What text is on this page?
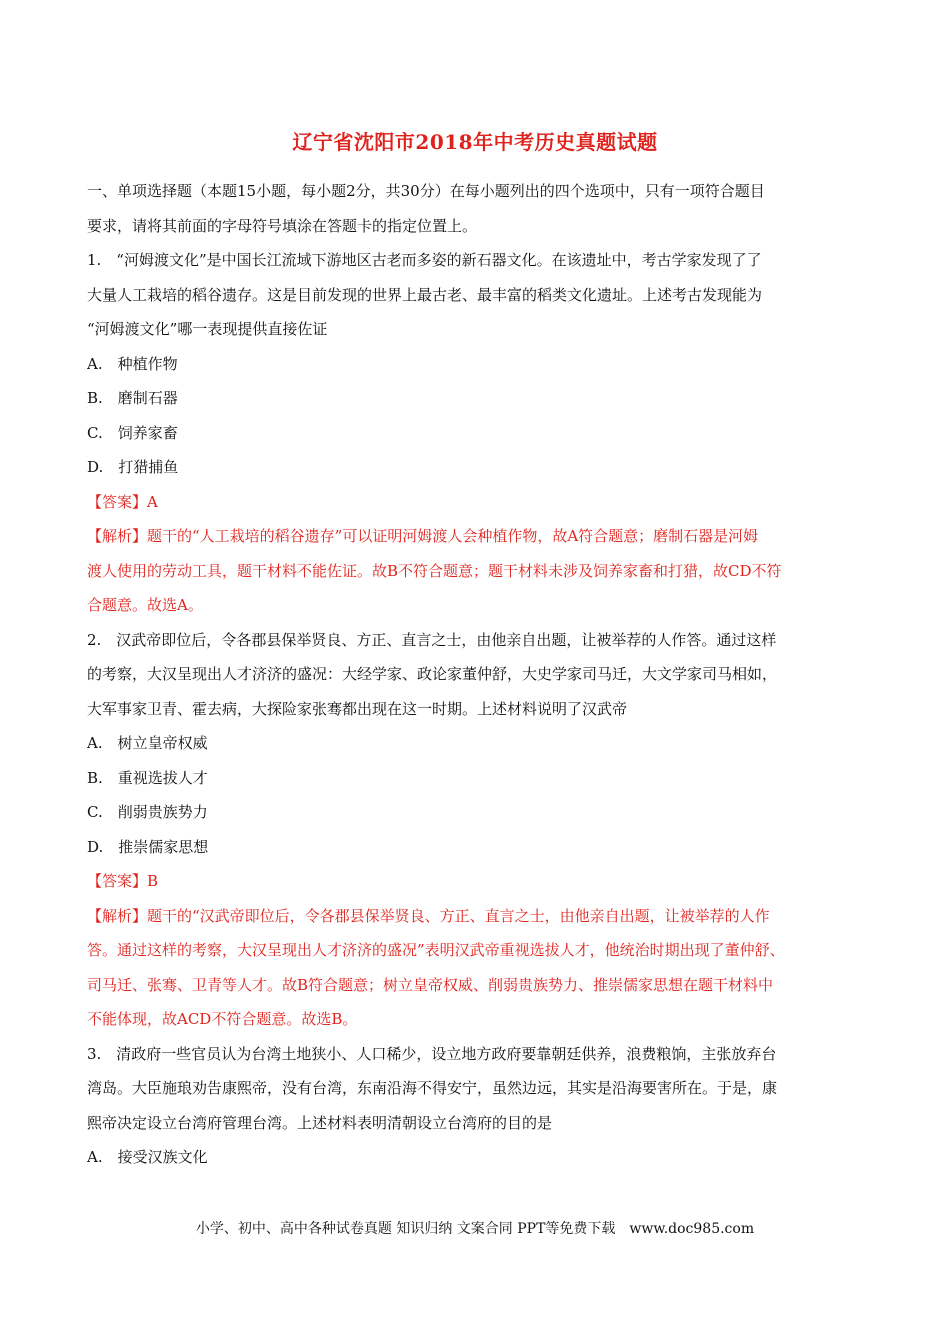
辽宁省沈阳市2018年中考历史真题试题
一、单项选择题（本题15小题，每小题2分，共30分）在每小题列出的四个选项中，只有一项符合题目
要求，请将其前面的字母符号填涂在答题卡的指定位置上。
1.　“河姆渡文化”是中国长江流域下游地区古老而多姿的新石器文化。在该遗址中，考古学家发现了了
大量人工栽培的稻谷遗存。这是目前发现的世界上最古老、最丰富的稻类文化遗址。上述考古发现能为
“河姆渡文化”哪一表现提供直接佐证
A.　种植作物
B.　磨制石器
C.　饲养家畜
D.　打猎捕鱼
【答案】A
【解析】题干的“人工栽培的稻谷遗存”可以证明河姆渡人会种植作物，故A符合题意；磨制石器是河姆
渡人使用的劳动工具，题干材料不能佐证。故B不符合题意；题干材料未涉及饲养家畜和打猎，故CD不符
合题意。故选A。
2.　汉武帝即位后，令各郡县保举贤良、方正、直言之士，由他亲自出题，让被举荐的人作答。通过这样
的考察，大汉呈现出人才济济的盛况：大经学家、政论家董仲舒，大史学家司马迁，大文学家司马相如，
大军事家卫青、霍去病，大探险家张骞都出现在这一时期。上述材料说明了汉武帝
A.　树立皇帝权威
B.　重视选拔人才
C.　削弱贵族势力
D.　推崇儒家思想
【答案】B
【解析】题干的“汉武帝即位后，令各郡县保举贤良、方正、直言之士，由他亲自出题，让被举荐的人作
答。通过这样的考察，大汉呈现出人才济济的盛况”表明汉武帝重视选拔人才，他统治时期出现了董仲舒、
司马迁、张骞、卫青等人才。故B符合题意；树立皇帝权威、削弱贵族势力、推崇儒家思想在题干材料中
不能体现，故ACD不符合题意。故选B。
3.　清政府一些官员认为台湾土地狭小、人口稀少，设立地方政府要靠朝廷供养，浪费粮饷，主张放弃台
湾岛。大臣施琅劝告康熙帝，没有台湾，东南沿海不得安宁，虽然边远，其实是沿海要害所在。于是，康
熙帝决定设立台湾府管理台湾。上述材料表明清朝设立台湾府的目的是
A.　接受汉族文化
小学、初中、高中各种试卷真题 知识归纳 文案合同 PPT等免费下载　www.doc985.com
